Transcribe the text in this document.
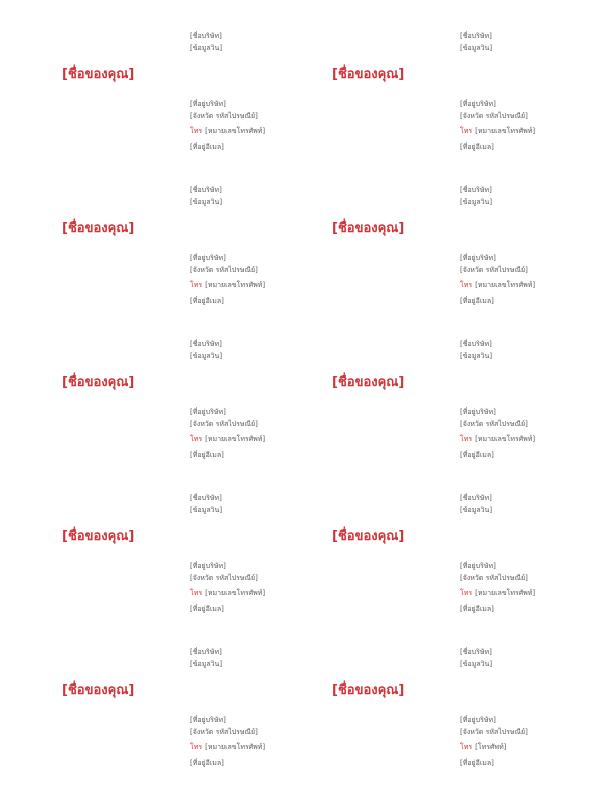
[ชื่อบริษัท]
[ข้อมูลวิน]
[ชื่อของคุณ]
[ที่อยู่บริษัท]
[จังหวัด รหัสไปรษณีย์]
โทร [หมายเลขโทรศัพท์]
[ที่อยู่อีเมล]
[ชื่อบริษัท]
[ข้อมูลวิน]
[ชื่อของคุณ]
[ที่อยู่บริษัท]
[จังหวัด รหัสไปรษณีย์]
โทร [หมายเลขโทรศัพท์]
[ที่อยู่อีเมล]
[ชื่อบริษัท]
[ข้อมูลวิน]
[ชื่อของคุณ]
[ที่อยู่บริษัท]
[จังหวัด รหัสไปรษณีย์]
โทร [หมายเลขโทรศัพท์]
[ที่อยู่อีเมล]
[ชื่อบริษัท]
[ข้อมูลวิน]
[ชื่อของคุณ]
[ที่อยู่บริษัท]
[จังหวัด รหัสไปรษณีย์]
โทร [หมายเลขโทรศัพท์]
[ที่อยู่อีเมล]
[ชื่อบริษัท]
[ข้อมูลวิน]
[ชื่อของคุณ]
[ที่อยู่บริษัท]
[จังหวัด รหัสไปรษณีย์]
โทร [หมายเลขโทรศัพท์]
[ที่อยู่อีเมล]
[ชื่อบริษัท]
[ข้อมูลวิน]
[ชื่อของคุณ]
[ที่อยู่บริษัท]
[จังหวัด รหัสไปรษณีย์]
โทร [หมายเลขโทรศัพท์]
[ที่อยู่อีเมล]
[ชื่อบริษัท]
[ข้อมูลวิน]
[ชื่อของคุณ]
[ที่อยู่บริษัท]
[จังหวัด รหัสไปรษณีย์]
โทร [หมายเลขโทรศัพท์]
[ที่อยู่อีเมล]
[ชื่อบริษัท]
[ข้อมูลวิน]
[ชื่อของคุณ]
[ที่อยู่บริษัท]
[จังหวัด รหัสไปรษณีย์]
โทร [หมายเลขโทรศัพท์]
[ที่อยู่อีเมล]
[ชื่อบริษัท]
[ข้อมูลวิน]
[ชื่อของคุณ]
[ที่อยู่บริษัท]
[จังหวัด รหัสไปรษณีย์]
โทร [หมายเลขโทรศัพท์]
[ที่อยู่อีเมล]
[ชื่อบริษัท]
[ข้อมูลวิน]
[ชื่อของคุณ]
[ที่อยู่บริษัท]
[จังหวัด รหัสไปรษณีย์]
โทร [โทรศัพท์]
[ที่อยู่อีเมล]
